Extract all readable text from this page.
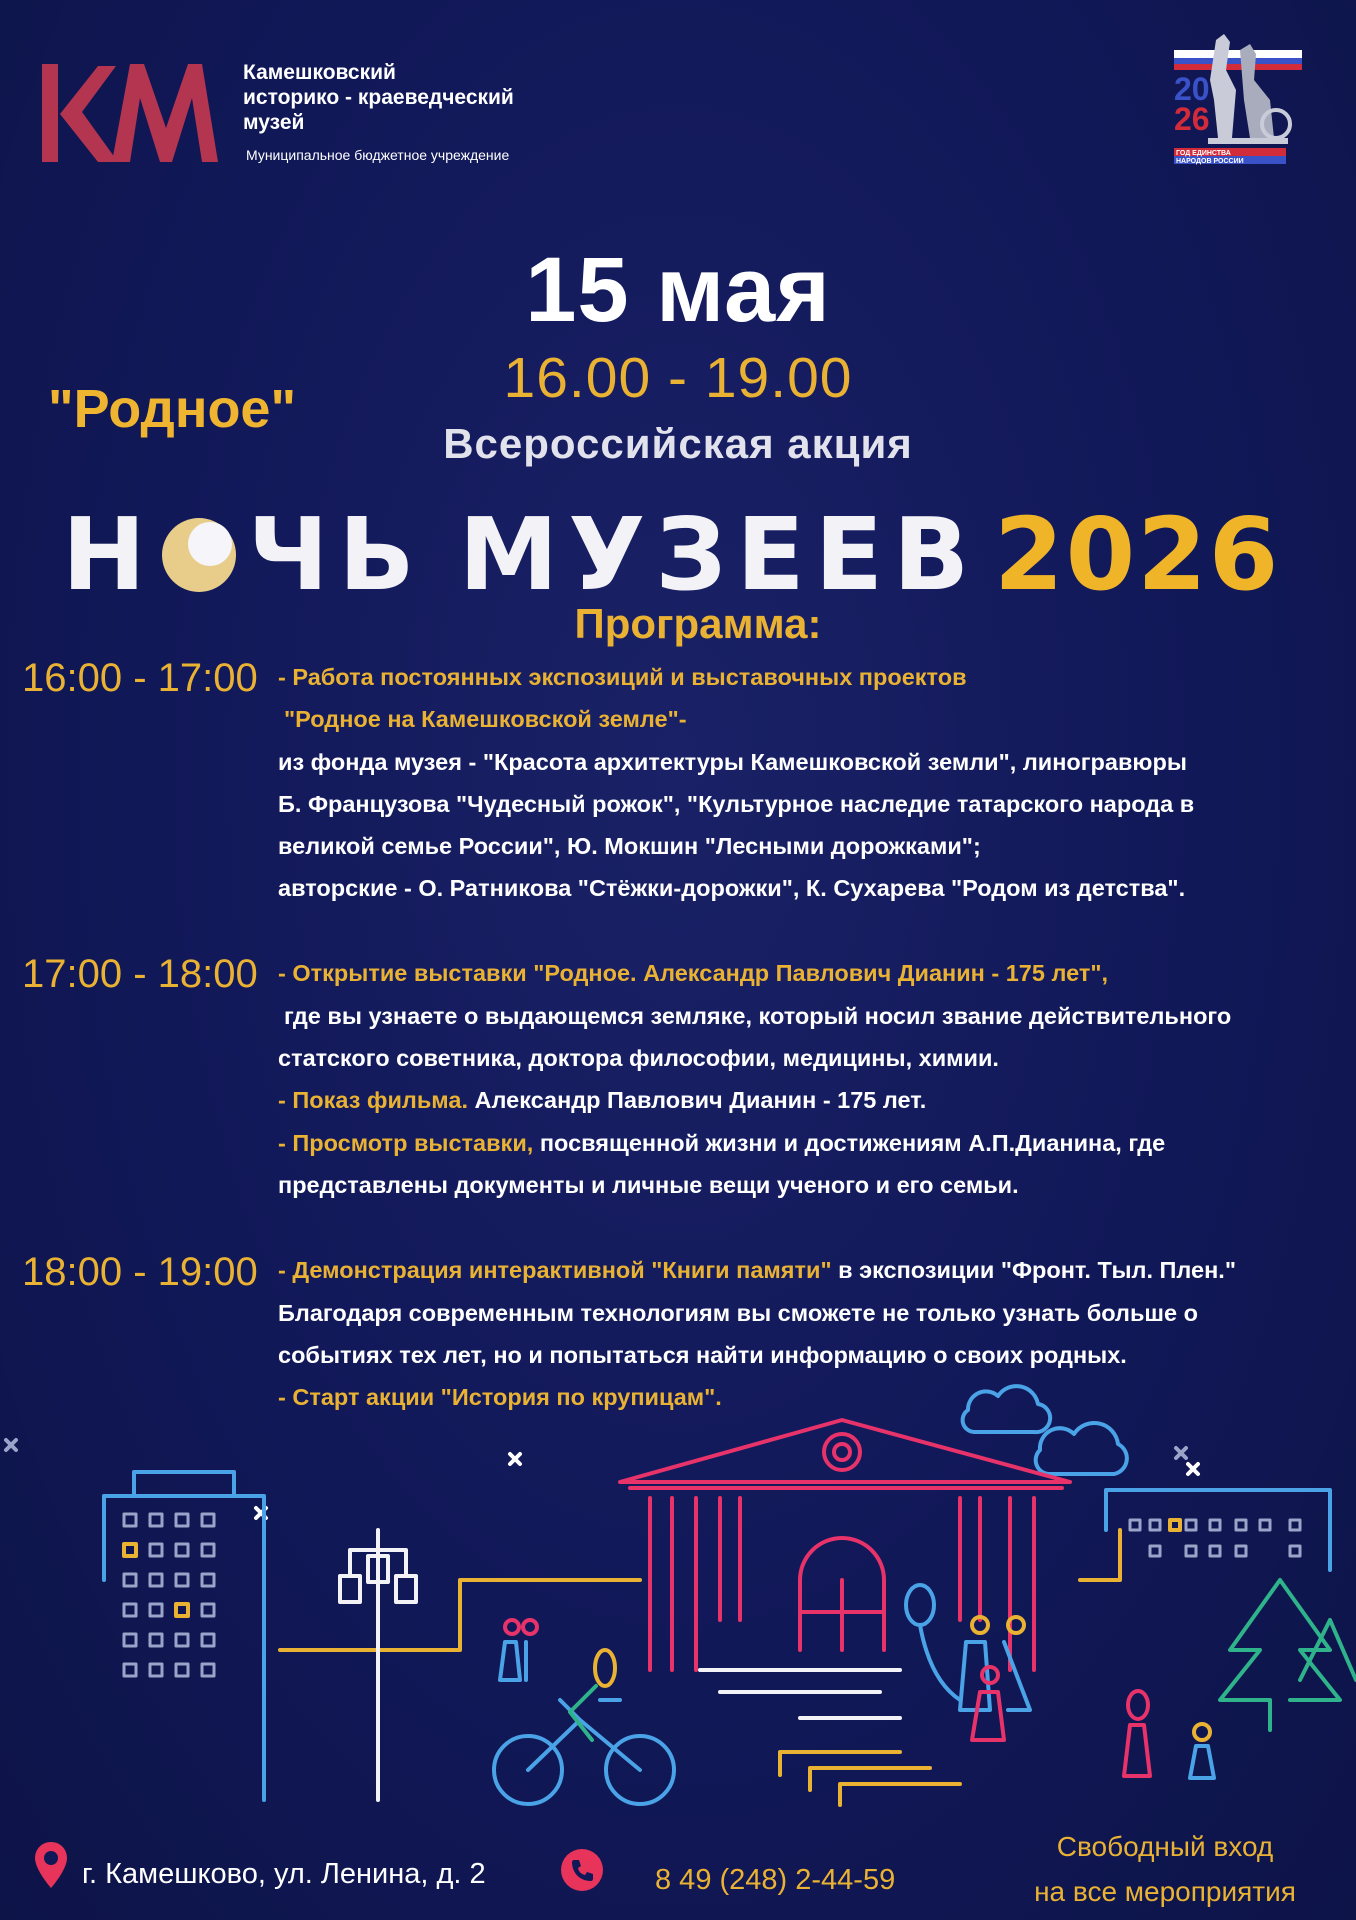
Камешковский
историко - краеведческий
музей
Муниципальное бюджетное учреждение
20
26
ГОД ЕДИНСТВА
НАРОДОВ РОССИИ
15 мая
16.00 - 19.00
"Родное"
Всероссийская акция
Н ЧЬ МУЗЕЕВ 2026
Программа:
16:00 - 17:00 - Работа постоянных экспозиций и выставочных проектов
"Родное на Камешковской земле"-
из фонда музея - "Красота архитектуры Камешковской земли", линогравюры
Б. Французова "Чудесный рожок", "Культурное наследие татарского народа в
великой семье России", Ю. Мокшин "Лесными дорожками";
авторские - О. Ратникова "Стёжки-дорожки", К. Сухарева "Родом из детства".
17:00 - 18:00 - Открытие выставки "Родное. Александр Павлович Дианин - 175 лет",
где вы узнаете о выдающемся земляке, который носил звание действительного
статского советника, доктора философии, медицины, химии.
- Показ фильма. Александр Павлович Дианин - 175 лет.
- Просмотр выставки, посвященной жизни и достижениям А.П.Дианина, где
представлены документы и личные вещи ученого и его семьи.
18:00 - 19:00 - Демонстрация интерактивной "Книги памяти" в экспозиции "Фронт. Тыл. Плен."
Благодаря современным технологиям вы сможете не только узнать больше о
событиях тех лет, но и попытаться найти информацию о своих родных.
- Старт акции "История по крупицам".
г. Камешково, ул. Ленина, д. 2	8 49 (248) 2-44-59
Свободный вход
на все мероприятия
